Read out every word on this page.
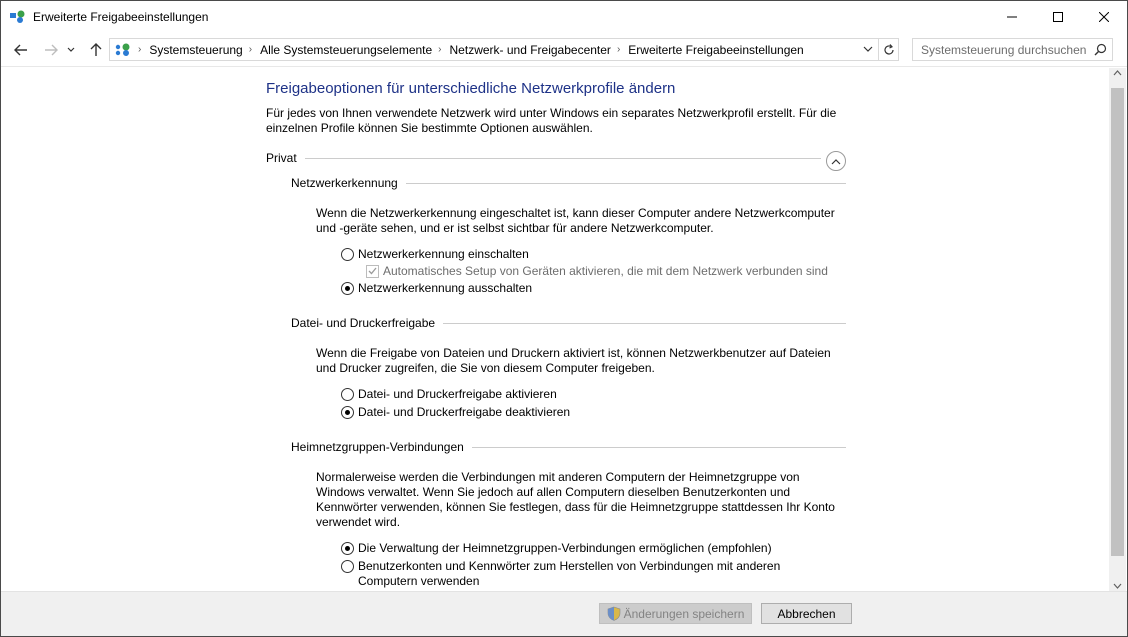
Erweiterte Freigabeeinstellungen
› Systemsteuerung › Alle Systemsteuerungselemente › Netzwerk- und Freigabecenter › Erweiterte Freigabeeinstellungen	Systemsteuerung durchsuchen
Freigabeoptionen für unterschiedliche Netzwerkprofile ändern
Für jedes von Ihnen verwendete Netzwerk wird unter Windows ein separates Netzwerkprofil erstellt. Für die einzelnen Profile können Sie bestimmte Optionen auswählen.
Privat
Netzwerkerkennung
Wenn die Netzwerkerkennung eingeschaltet ist, kann dieser Computer andere Netzwerkcomputer und -geräte sehen, und er ist selbst sichtbar für andere Netzwerkcomputer.
Netzwerkerkennung einschalten
Automatisches Setup von Geräten aktivieren, die mit dem Netzwerk verbunden sind
Netzwerkerkennung ausschalten
Datei- und Druckerfreigabe
Wenn die Freigabe von Dateien und Druckern aktiviert ist, können Netzwerkbenutzer auf Dateien und Drucker zugreifen, die Sie von diesem Computer freigeben.
Datei- und Druckerfreigabe aktivieren
Datei- und Druckerfreigabe deaktivieren
Heimnetzgruppen-Verbindungen
Normalerweise werden die Verbindungen mit anderen Computern der Heimnetzgruppe von Windows verwaltet. Wenn Sie jedoch auf allen Computern dieselben Benutzerkonten und Kennwörter verwenden, können Sie festlegen, dass für die Heimnetzgruppe stattdessen Ihr Konto verwendet wird.
Die Verwaltung der Heimnetzgruppen-Verbindungen ermöglichen (empfohlen)
Benutzerkonten und Kennwörter zum Herstellen von Verbindungen mit anderen Computern verwenden
Änderungen speichern	Abbrechen
